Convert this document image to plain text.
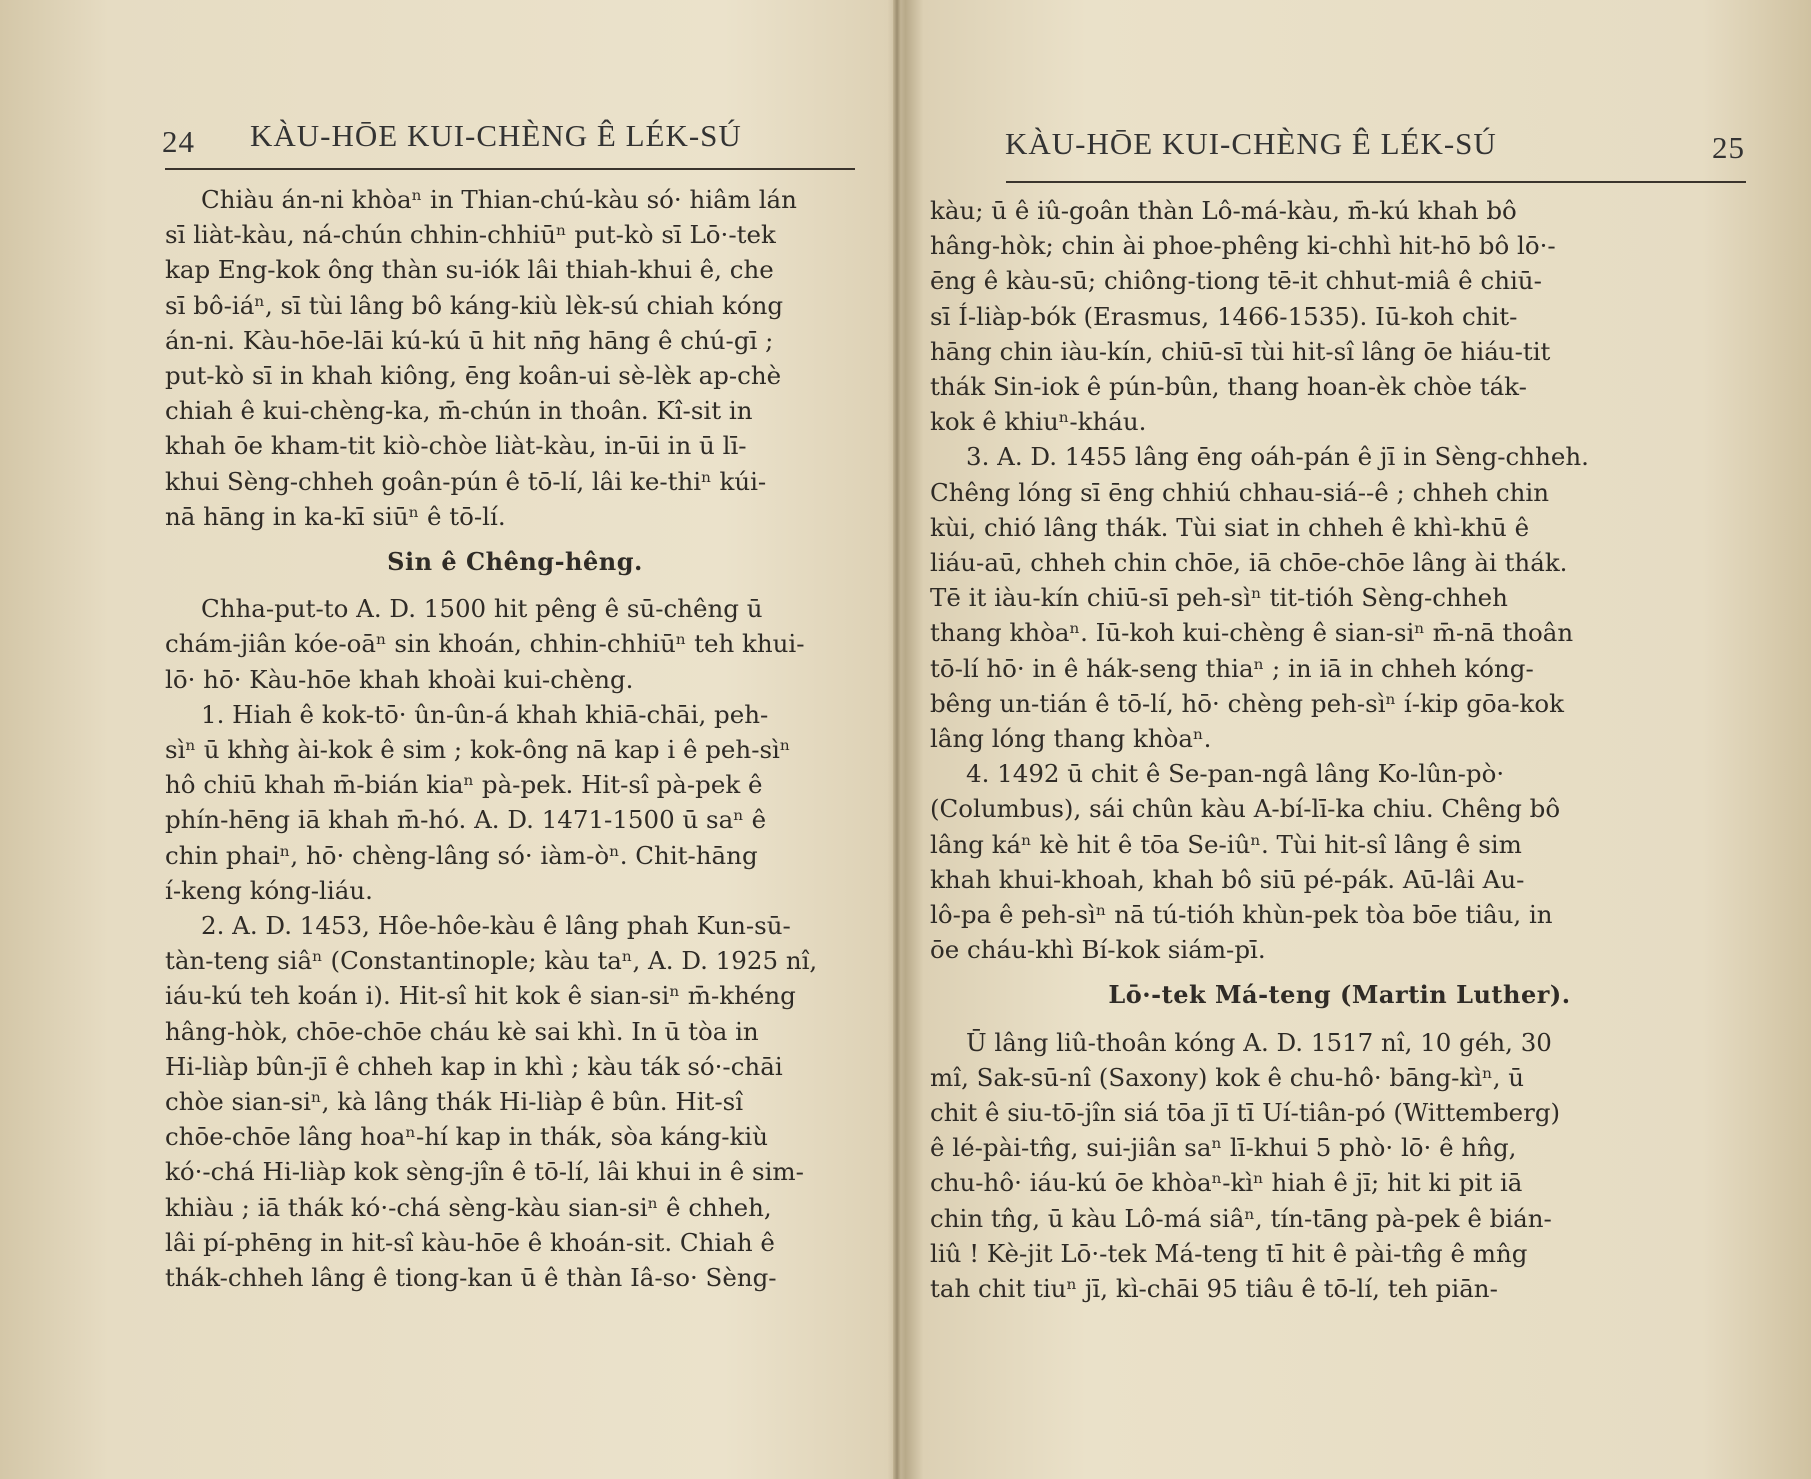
24 KÀU-HŌE KUI-CHÈNG Ê LÉK-SÚ

Chiàu án-ni khòaⁿ in Thian-chú-kàu só· hiâm lán
sī liàt-kàu, ná-chún chhin-chhiūⁿ put-kò sī Lō·-tek
kap Eng-kok ông thàn su-iók lâi thiah-khui ê, che
sī bô-iáⁿ, sī tùi lâng bô káng-kiù lèk-sú chiah kóng
án-ni. Kàu-hōe-lāi kú-kú ū hit nn̄g hāng ê chú-gī ;
put-kò sī in khah kiông, ēng koân-ui sè-lèk ap-chè
chiah ê kui-chèng-ka, m̄-chún in thoân. Kî-sit in
khah ōe kham-tit kiò-chòe liàt-kàu, in-ūi in ū lī-
khui Sèng-chheh goân-pún ê tō-lí, lâi ke-thiⁿ kúi-
nā hāng in ka-kī siūⁿ ê tō-lí.

Sin ê Chêng-hêng.

Chha-put-to A. D. 1500 hit pêng ê sū-chêng ū
chám-jiân kóe-oāⁿ sin khoán, chhin-chhiūⁿ teh khui-
lō· hō· Kàu-hōe khah khoài kui-chèng.

1. Hiah ê kok-tō· ûn-ûn-á khah khiā-chāi, peh-
sìⁿ ū khǹg ài-kok ê sim ; kok-ông nā kap i ê peh-sìⁿ
hô chiū khah m̄-bián kiaⁿ pà-pek. Hit-sî pà-pek ê
phín-hēng iā khah m̄-hó. A. D. 1471-1500 ū saⁿ ê
chin phaiⁿ, hō· chèng-lâng só· iàm-òⁿ. Chit-hāng
í-keng kóng-liáu.

2. A. D. 1453, Hôe-hôe-kàu ê lâng phah Kun-sū-
tàn-teng siâⁿ (Constantinople; kàu taⁿ, A. D. 1925 nî,
iáu-kú teh koán i). Hit-sî hit kok ê sian-siⁿ m̄-khéng
hâng-hòk, chōe-chōe cháu kè sai khì. In ū tòa in
Hi-liàp bûn-jī ê chheh kap in khì ; kàu ták só·-chāi
chòe sian-siⁿ, kà lâng thák Hi-liàp ê bûn. Hit-sî
chōe-chōe lâng hoaⁿ-hí kap in thák, sòa káng-kiù
kó·-chá Hi-liàp kok sèng-jîn ê tō-lí, lâi khui in ê sim-
khiàu ; iā thák kó·-chá sèng-kàu sian-siⁿ ê chheh,
lâi pí-phēng in hit-sî kàu-hōe ê khoán-sit. Chiah ê
thák-chheh lâng ê tiong-kan ū ê thàn Iâ-so· Sèng-

KÀU-HŌE KUI-CHÈNG Ê LÉK-SÚ	25

kàu; ū ê iû-goân thàn Lô-má-kàu, m̄-kú khah bô
hâng-hòk; chin ài phoe-phêng ki-chhì hit-hō bô lō·-
ēng ê kàu-sū; chiông-tiong tē-it chhut-miâ ê chiū-
sī Í-liàp-bók (Erasmus, 1466-1535). Iū-koh chit-
hāng chin iàu-kín, chiū-sī tùi hit-sî lâng ōe hiáu-tit
thák Sin-iok ê pún-bûn, thang hoan-èk chòe ták-
kok ê khiuⁿ-kháu.

3. A. D. 1455 lâng ēng oáh-pán ê jī in Sèng-chheh.
Chêng lóng sī ēng chhiú chhau-siá--ê ; chheh chin
kùi, chió lâng thák. Tùi siat in chheh ê khì-khū ê
liáu-aū, chheh chin chōe, iā chōe-chōe lâng ài thák.
Tē it iàu-kín chiū-sī peh-sìⁿ tit-tióh Sèng-chheh
thang khòaⁿ. Iū-koh kui-chèng ê sian-siⁿ m̄-nā thoân
tō-lí hō· in ê hák-seng thiaⁿ ; in iā in chheh kóng-
bêng un-tián ê tō-lí, hō· chèng peh-sìⁿ í-kip gōa-kok
lâng lóng thang khòaⁿ.

4. 1492 ū chit ê Se-pan-ngâ lâng Ko-lûn-pò·
(Columbus), sái chûn kàu A-bí-lī-ka chiu. Chêng bô
lâng káⁿ kè hit ê tōa Se-iûⁿ. Tùi hit-sî lâng ê sim
khah khui-khoah, khah bô siū pé-pák. Aū-lâi Au-
lô-pa ê peh-sìⁿ nā tú-tióh khùn-pek tòa bōe tiâu, in
ōe cháu-khì Bí-kok siám-pī.

Lō·-tek Má-teng (Martin Luther).

Ū lâng liû-thoân kóng A. D. 1517 nî, 10 géh, 30
mî, Sak-sū-nî (Saxony) kok ê chu-hô· bāng-kìⁿ, ū
chit ê siu-tō-jîn siá tōa jī tī Uí-tiân-pó (Wittemberg)
ê lé-pài-tn̂g, sui-jiân saⁿ lī-khui 5 phò· lō· ê hn̂g,
chu-hô· iáu-kú ōe khòaⁿ-kìⁿ hiah ê jī; hit ki pit iā
chin tn̂g, ū kàu Lô-má siâⁿ, tín-tāng pà-pek ê bián-
liû ! Kè-jit Lō·-tek Má-teng tī hit ê pài-tn̂g ê mn̂g
tah chit tiuⁿ jī, kì-chāi 95 tiâu ê tō-lí, teh piān-
